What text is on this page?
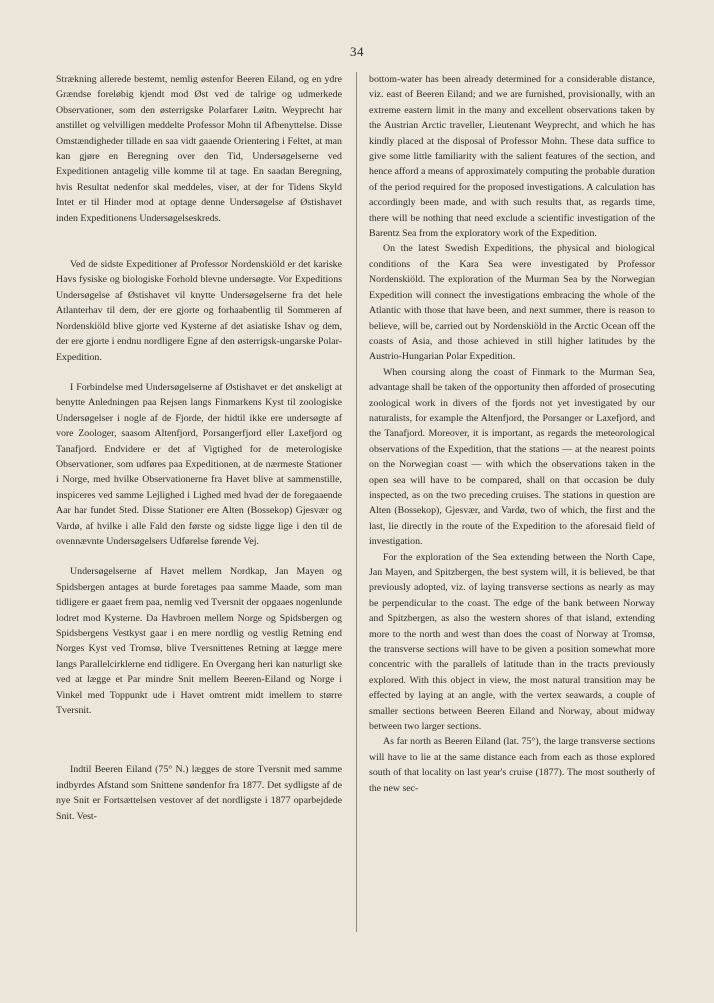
34

Strækning allerede bestemt, nemlig østenfor Beeren Eiland, og en ydre Grændse foreløbig kjendt mod Øst ved de talrige og udmerkede Observationer, som den østerrigske Polarfarer Løitn. Weyprecht har anstillet og velvilligen meddelte Professor Mohn til Afbenyttelse. Disse Omstændigheder tillade en saa vidt gaaende Orientering i Feltet, at man kan gjøre en Beregning over den Tid, Undersøgelserne ved Expeditionen antagelig ville komme til at tage. En saadan Beregning, hvis Resultat nedenfor skal meddeles, viser, at der for Tidens Skyld Intet er til Hinder mod at optage denne Undersøgelse af Østishavet inden Expeditionens Undersøgelseskreds.

Ved de sidste Expeditioner af Professor Nordenskiöld er det kariske Havs fysiske og biologiske Forhold blevne undersøgte. Vor Expeditions Undersøgelse af Østishavet vil knytte Undersøgelserne fra det hele Atlanterhav til dem, der ere gjorte og forhaabentlig til Sommeren af Nordenskiöld blive gjorte ved Kysterne af det asiatiske Ishav og dem, der ere gjorte i endnu nordligere Egne af den østerrigsk-ungarske Polar-Expedition.

I Forbindelse med Undersøgelserne af Østishavet er det ønskeligt at benytte Anledningen paa Rejsen langs Finmarkens Kyst til zoologiske Undersøgelser i nogle af de Fjorde, der hidtil ikke ere undersøgte af vore Zoologer, saasom Altenfjord, Porsangerfjord eller Laxefjord og Tanafjord. Endvidere er det af Vigtighed for de meterologiske Observationer, som udføres paa Expeditionen, at de nærmeste Stationer i Norge, med hvilke Observationerne fra Havet blive at sammenstille, inspiceres ved samme Lejlighed i Lighed med hvad der de foregaaende Aar har fundet Sted. Disse Stationer ere Alten (Bossekop) Gjesvær og Vardø, af hvilke i alle Fald den første og sidste ligge lige i den til de ovennævnte Undersøgelsers Udførelse førende Vej.

Undersøgelserne af Havet mellem Nordkap, Jan Mayen og Spidsbergen antages at burde foretages paa samme Maade, som man tidligere er gaaet frem paa, nemlig ved Tversnit der opgaaes nogenlunde lodret mod Kysterne. Da Havbroen mellem Norge og Spidsbergen og Spidsbergens Vestkyst gaar i en mere nordlig og vestlig Retning end Norges Kyst ved Tromsø, blive Tversnittenes Retning at lægge mere langs Parallelcirklerne end tidligere. En Overgang heri kan naturligt ske ved at lægge et Par mindre Snit mellem Beeren-Eiland og Norge i Vinkel med Toppunkt ude i Havet omtrent midt imellem to større Tversnit.

Indtil Beeren Eiland (75° N.) lægges de store Tversnit med samme indbyrdes Afstand som Snittene søndenfor fra 1877. Det sydligste af de nye Snit er Fortsættelsen vestover af det nordligste i 1877 oparbejdede Snit. Vest-

bottom-water has been already determined for a considerable distance, viz. east of Beeren Eiland; and we are furnished, provisionally, with an extreme eastern limit in the many and excellent observations taken by the Austrian Arctic traveller, Lieutenant Weyprecht, and which he has kindly placed at the disposal of Professor Mohn. These data suffice to give some little familiarity with the salient features of the section, and hence afford a means of approximately computing the probable duration of the period required for the proposed investigations. A calculation has accordingly been made, and with such results that, as regards time, there will be nothing that need exclude a scientific investigation of the Barentz Sea from the exploratory work of the Expedition.

On the latest Swedish Expeditions, the physical and biological conditions of the Kara Sea were investigated by Professor Nordenskiöld. The exploration of the Murman Sea by the Norwegian Expedition will connect the investigations embracing the whole of the Atlantic with those that have been, and next summer, there is reason to believe, will be, carried out by Nordenskiöld in the Arctic Ocean off the coasts of Asia, and those achieved in still higher latitudes by the Austrio-Hungarian Polar Expedition.

When coursing along the coast of Finmark to the Murman Sea, advantage shall be taken of the opportunity then afforded of prosecuting zoological work in divers of the fjords not yet investigated by our naturalists, for example the Altenfjord, the Porsanger or Laxefjord, and the Tanafjord. Moreover, it is important, as regards the meteorological observations of the Expedition, that the stations — at the nearest points on the Norwegian coast — with which the observations taken in the open sea will have to be compared, shall on that occasion be duly inspected, as on the two preceding cruises. The stations in question are Alten (Bossekop), Gjesvær, and Vardø, two of which, the first and the last, lie directly in the route of the Expedition to the aforesaid field of investigation.

For the exploration of the Sea extending between the North Cape, Jan Mayen, and Spitzbergen, the best system will, it is believed, be that previously adopted, viz. of laying transverse sections as nearly as may be perpendicular to the coast. The edge of the bank between Norway and Spitzbergen, as also the western shores of that island, extending more to the north and west than does the coast of Norway at Tromsø, the transverse sections will have to be given a position somewhat more concentric with the parallels of latitude than in the tracts previously explored. With this object in view, the most natural transition may be effected by laying at an angle, with the vertex seawards, a couple of smaller sections between Beeren Eiland and Norway, about midway between two larger sections.

As far north as Beeren Eiland (lat. 75°), the large transverse sections will have to lie at the same distance each from each as those explored south of that locality on last year's cruise (1877). The most southerly of the new sec-
